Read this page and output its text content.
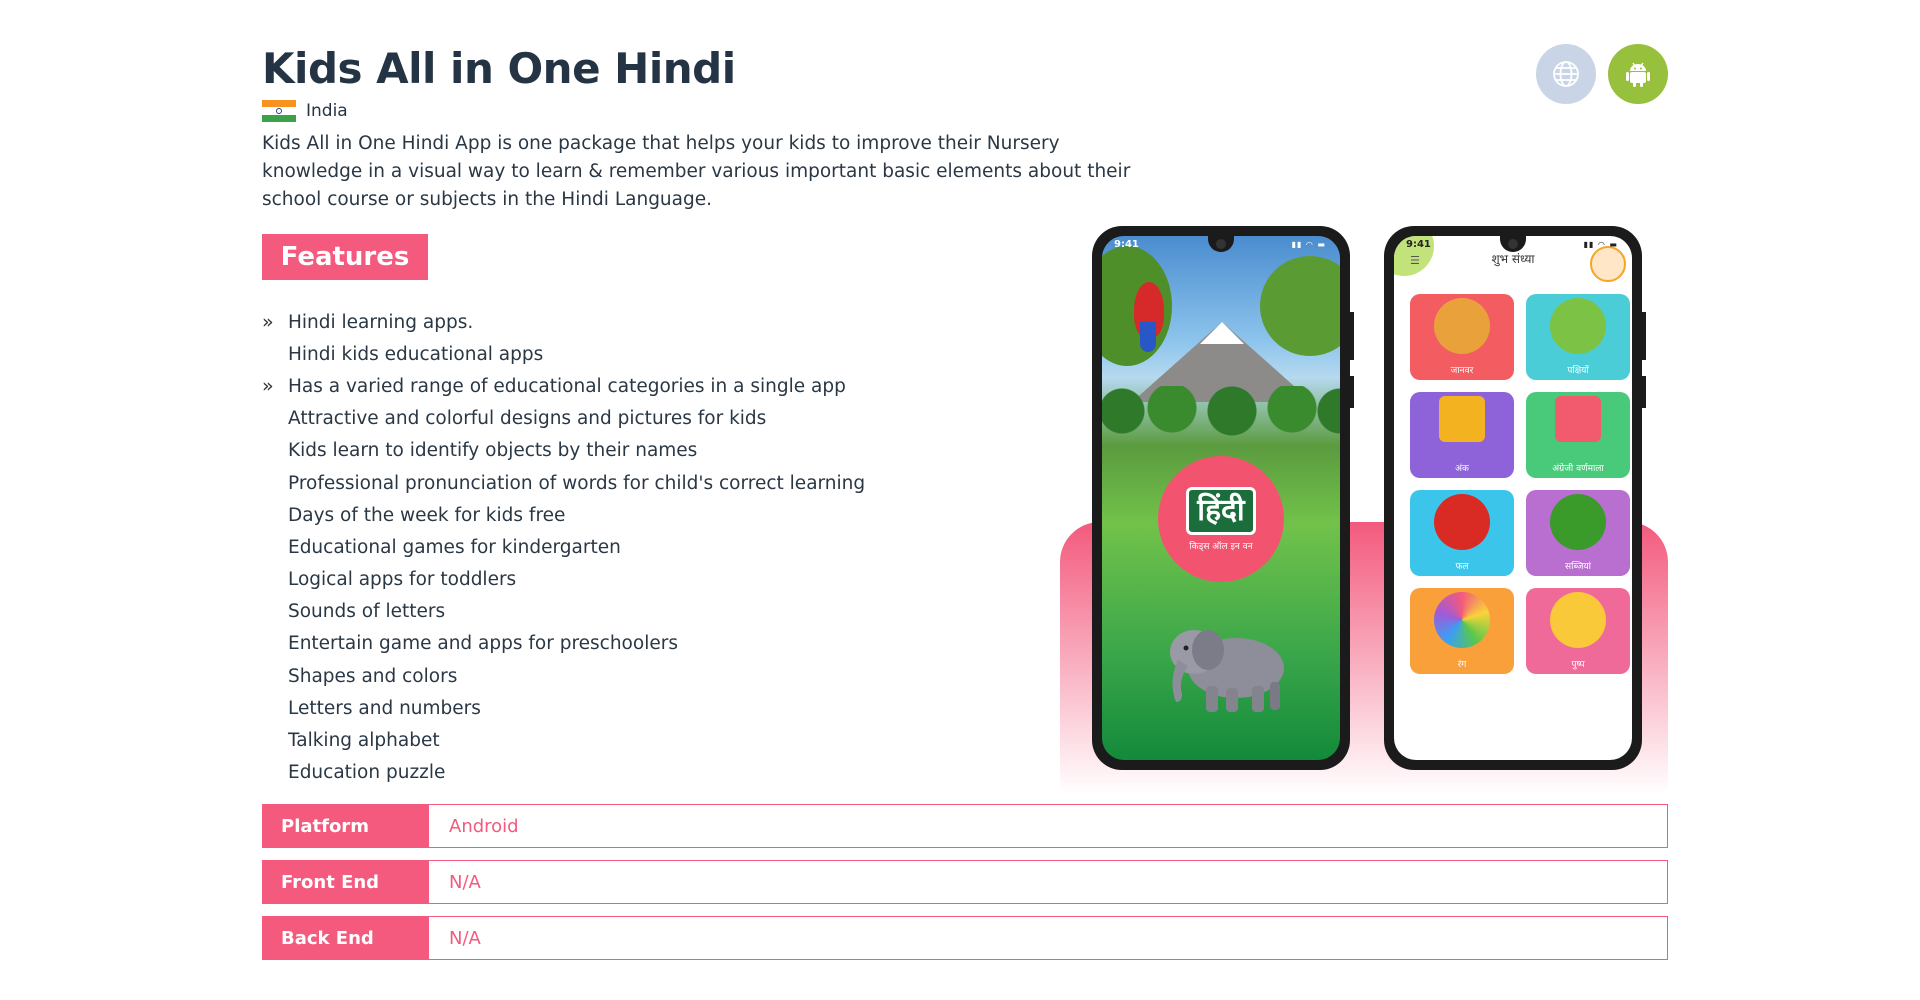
Kids All in One Hindi
India

Kids All in One Hindi App is one package that helps your kids to improve their Nursery knowledge in a visual way to learn & remember various important basic elements about their school course or subjects in the Hindi Language.

Features
» Hindi learning apps.
Hindi kids educational apps
» Has a varied range of educational categories in a single app
Attractive and colorful designs and pictures for kids
Kids learn to identify objects by their names
Professional pronunciation of words for child's correct learning
Days of the week for kids free
Educational games for kindergarten
Logical apps for toddlers
Sounds of letters
Entertain game and apps for preschoolers
Shapes and colors
Letters and numbers
Talking alphabet
Education puzzle
9:41	▮▮ ◠ ▬
हिंदी
किड्स ऑल इन वन
9:41
☰
▮▮ ◠ ▬
शुभ संध्या
जानवर	पक्षियों
अंक	अंग्रेजी वर्णमाला
फल	सब्जियां
रंग	पुष्प
Platform	Android
Front End	N/A
Back End	N/A
